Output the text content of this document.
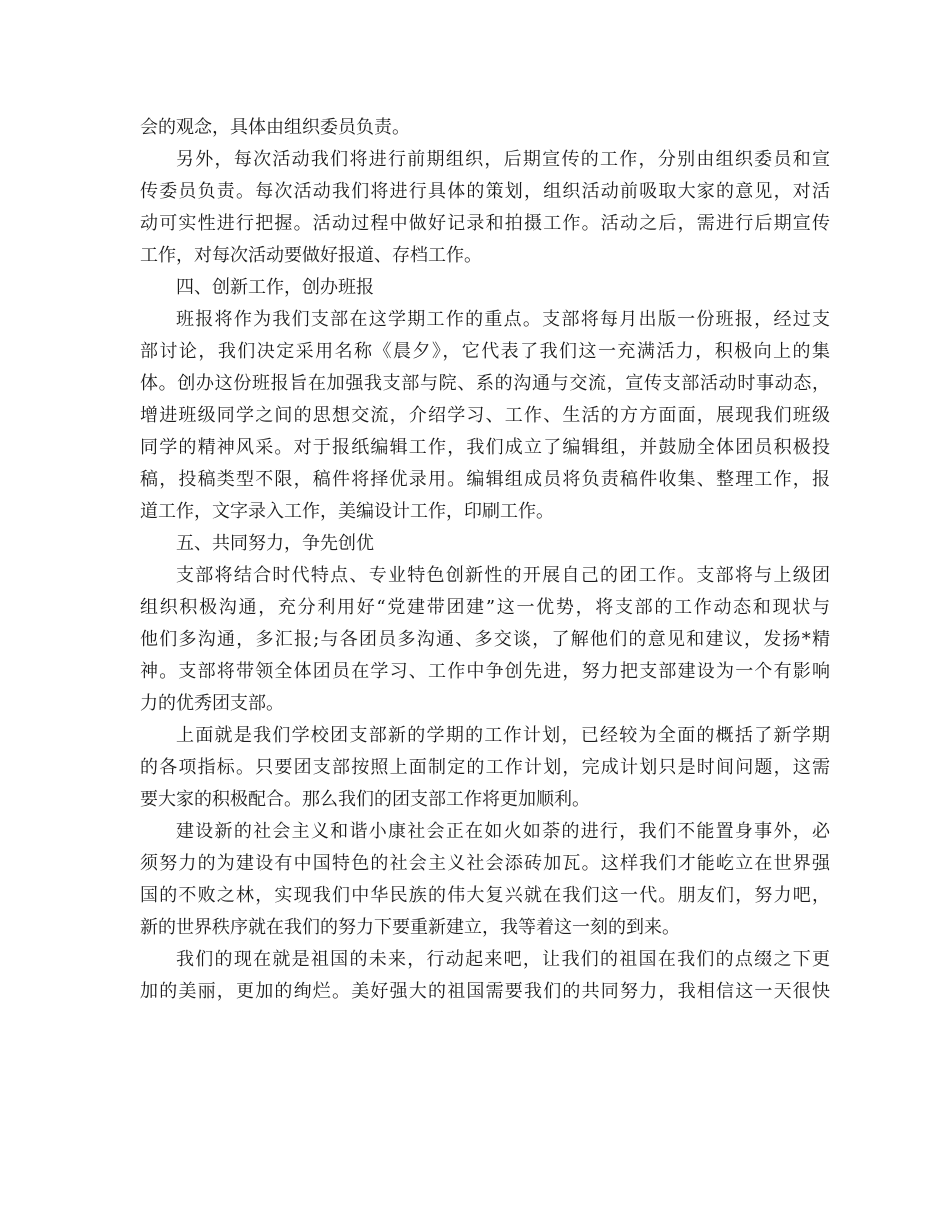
会的观念，具体由组织委员负责。
另外，每次活动我们将进行前期组织，后期宣传的工作，分别由组织委员和宣
传委员负责。每次活动我们将进行具体的策划，组织活动前吸取大家的意见，对活
动可实性进行把握。活动过程中做好记录和拍摄工作。活动之后，需进行后期宣传
工作，对每次活动要做好报道、存档工作。
四、创新工作，创办班报
班报将作为我们支部在这学期工作的重点。支部将每月出版一份班报，经过支
部讨论，我们决定采用名称《晨夕》，它代表了我们这一充满活力，积极向上的集
体。创办这份班报旨在加强我支部与院、系的沟通与交流，宣传支部活动时事动态，
增进班级同学之间的思想交流，介绍学习、工作、生活的方方面面，展现我们班级
同学的精神风采。对于报纸编辑工作，我们成立了编辑组，并鼓励全体团员积极投
稿，投稿类型不限，稿件将择优录用。编辑组成员将负责稿件收集、整理工作，报
道工作，文字录入工作，美编设计工作，印刷工作。
五、共同努力，争先创优
支部将结合时代特点、专业特色创新性的开展自己的团工作。支部将与上级团
组织积极沟通，充分利用好“党建带团建”这一优势，将支部的工作动态和现状与
他们多沟通，多汇报;与各团员多沟通、多交谈，了解他们的意见和建议，发扬*精
神。支部将带领全体团员在学习、工作中争创先进，努力把支部建设为一个有影响
力的优秀团支部。
上面就是我们学校团支部新的学期的工作计划，已经较为全面的概括了新学期
的各项指标。只要团支部按照上面制定的工作计划，完成计划只是时间问题，这需
要大家的积极配合。那么我们的团支部工作将更加顺利。
建设新的社会主义和谐小康社会正在如火如荼的进行，我们不能置身事外，必
须努力的为建设有中国特色的社会主义社会添砖加瓦。这样我们才能屹立在世界强
国的不败之林，实现我们中华民族的伟大复兴就在我们这一代。朋友们，努力吧，
新的世界秩序就在我们的努力下要重新建立，我等着这一刻的到来。
我们的现在就是祖国的未来，行动起来吧，让我们的祖国在我们的点缀之下更
加的美丽，更加的绚烂。美好强大的祖国需要我们的共同努力，我相信这一天很快
